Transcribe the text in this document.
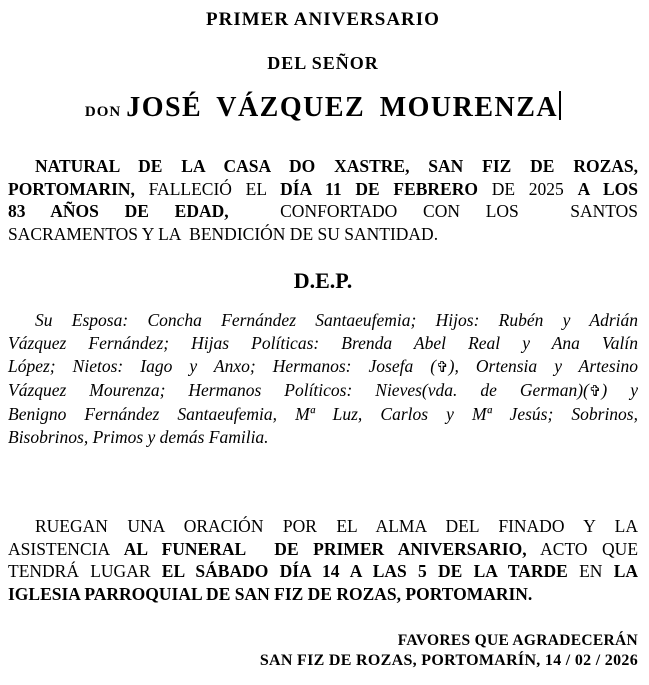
PRIMER ANIVERSARIO
DEL SEÑOR
DON JOSÉ VÁZQUEZ MOURENZA
NATURAL DE LA CASA DO XASTRE, SAN FIZ DE ROZAS,
PORTOMARIN, FALLECIÓ EL DÍA 11 DE FEBRERO DE 2025 A LOS
83 AÑOS DE EDAD,  CONFORTADO CON LOS  SANTOS
SACRAMENTOS Y LA  BENDICIÓN DE SU SANTIDAD.
D.E.P.
Su Esposa: Concha Fernández Santaeufemia; Hijos: Rubén y Adrián
Vázquez Fernández; Hijas Políticas: Brenda Abel Real y Ana Valín
López; Nietos: Iago y Anxo; Hermanos: Josefa (✞), Ortensia y Artesino
Vázquez Mourenza; Hermanos Políticos: Nieves(vda. de German)(✞) y
Benigno Fernández Santaeufemia, Mª Luz, Carlos y Mª Jesús; Sobrinos,
Bisobrinos, Primos y demás Familia.
RUEGAN UNA ORACIÓN POR EL ALMA DEL FINADO Y LA
ASISTENCIA AL FUNERAL  DE PRIMER ANIVERSARIO, ACTO QUE
TENDRÁ LUGAR EL SÁBADO DÍA 14 A LAS 5 DE LA TARDE EN LA
IGLESIA PARROQUIAL DE SAN FIZ DE ROZAS, PORTOMARIN.
FAVORES QUE AGRADECERÁN
SAN FIZ DE ROZAS, PORTOMARÍN, 14 / 02 / 2026
